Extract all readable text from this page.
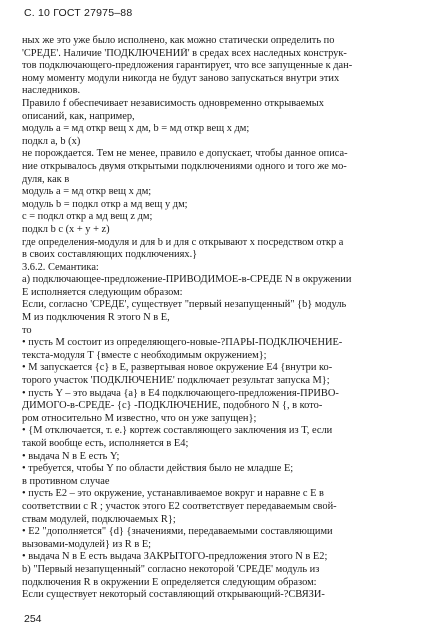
С. 10 ГОСТ 27975–88
ных же это уже было исполнено, как можно статически определить по
'СРЕДЕ'. Наличие 'ПОДКЛЮЧЕНИЙ' в средах всех наследных конструк-
тов подключающего-предложения гарантирует, что все запущенные к дан-
ному моменту модули никогда не будут заново запускаться внутри этих
наследников.
Правило f обеспечивает независимость одновременно открываемых
описаний, как, например,
модуль a = мд откр вещ x дм, b = мд откр вещ x дм;
подкл a, b (x)
не порождается. Тем не менее, правило e допускает, чтобы данное описа-
ние открывалось двумя открытыми подключениями одного и того же мо-
дуля, как в
модуль a = мд откр вещ x дм;
модуль b = подкл откр a мд вещ y дм;
c = подкл откр a мд вещ z дм;
подкл b c (x + y + z)
где определения-модуля и для b и для c открывают x посредством откр a
в своих составляющих подключениях.}
3.6.2. Семантика:
a) подключающее-предложение-ПРИВОДИМОЕ-в-СРЕДЕ N в окружении
E исполняется следующим образом:
Если, согласно 'СРЕДЕ', существует "первый незапущенный" {b} модуль
M из подключения R этого N в E,
то
• пусть M состоит из определяющего-новые-?ПАРЫ-ПОДКЛЮЧЕНИЕ-
текста-модуля T {вместе с необходимым окружением};
• M запускается {c} в E, развертывая новое окружение E4 {внутри ко-
торого участок 'ПОДКЛЮЧЕНИЕ' подключает результат запуска M};
• пусть Y – это выдача {a} в E4 подключающего-предложения-ПРИВО-
ДИМОГО-в-СРЕДЕ- {c} -ПОДКЛЮЧЕНИЕ, подобного N {, в кото-
ром относительно M известно, что он уже запущен};
• {M отключается, т. е.} кортеж составляющего заключения из T, если
такой вообще есть, исполняется в E4;
• выдача N в E есть Y;
• требуется, чтобы Y по области действия было не младше E;
в противном случае
• пусть E2 – это окружение, устанавливаемое вокруг и наравне с E в
соответствии с R ; участок этого E2 соответствует передаваемым свой-
ствам модулей, подключаемых R};
• E2 "дополняется" {d} {значениями, передаваемыми составляющими
вызовами-модулей} из R в E;
• выдача N в E есть выдача ЗАКРЫТОГО-предложения этого N в E2;
b) "Первый незапущенный" согласно некоторой 'СРЕДЕ' модуль из
подключения R в окружении E определяется следующим образом:
Если существует некоторый составляющий открывающий-?СВЯЗИ-
254
